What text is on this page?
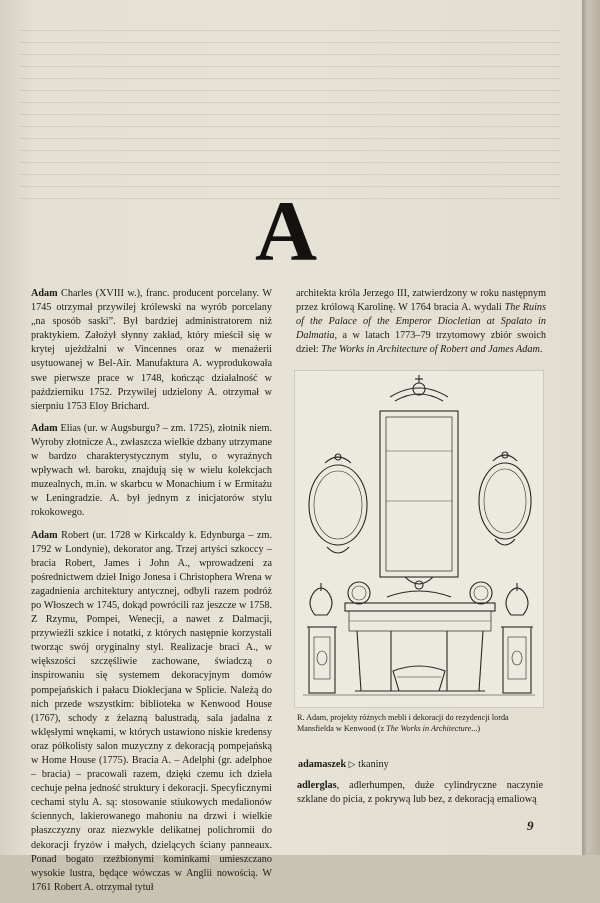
A

Adam Charles (XVIII w.), franc. producent porcelany. W 1745 otrzymał przywilej królewski na wyrób porcelany „na sposób saski”. Był bardziej administratorem niż praktykiem. Założył słynny zakład, który mieścił się w krytej ujeżdżalni w Vincennes oraz w menażerii usytuowanej w Bel-Air. Manufaktura A. wyprodukowała swe pierwsze prace w 1748, kończąc działalność w październiku 1752. Przywilej udzielony A. otrzymał w sierpniu 1753 Eloy Brichard.

Adam Elias (ur. w Augsburgu? – zm. 1725), złotnik niem. Wyroby złotnicze A., zwłaszcza wielkie dzbany utrzymane w bardzo charakterystycznym stylu, o wyraźnych wpływach wł. baroku, znajdują się w wielu kolekcjach muzealnych, m.in. w skarbcu w Monachium i w Ermitażu w Leningradzie. A. był jednym z inicjatorów stylu rokokowego.

Adam Robert (ur. 1728 w Kirkcaldy k. Edynburga – zm. 1792 w Londynie), dekorator ang. Trzej artyści szkoccy – bracia Robert, James i John A., wprowadzeni za pośrednictwem dzieł Inigo Jonesa i Christophera Wrena w zagadnienia architektury antycznej, odbyli razem podróż po Włoszech w 1745, dokąd powrócili raz jeszcze w 1758. Z Rzymu, Pompei, Wenecji, a nawet z Dalmacji, przywieźli szkice i notatki, z których następnie korzystali tworząc swój oryginalny styl. Realizacje braci A., w większości szczęśliwie zachowane, świadczą o inspirowaniu się systemem dekoracyjnym domów pompejańskich i pałacu Dioklecjana w Splicie. Należą do nich przede wszystkim: biblioteka w Kenwood House (1767), schody z żelazną balustradą, sala jadalna z wklęsłymi wnękami, w których ustawiono niskie kredensy oraz półkolisty salon muzyczny z dekoracją pompejańską w Home House (1775). Bracia A. – Adelphi (gr. adelphoe – bracia) – pracowali razem, dzięki czemu ich dzieła cechuje pełna jedność struktury i dekoracji. Specyficznymi cechami stylu A. są: stosowanie stiukowych medalionów ściennych, lakierowanego mahoniu na drzwi i wielkie płaszczyzny oraz niezwykle delikatnej polichromii do dekoracji fryzów i małych, dzielących ściany panneaux. Ponad bogato rzeźbionymi kominkami umieszczano wysokie lustra, będące wówczas w Anglii nowością. W 1761 Robert A. otrzymał tytuł

architekta króla Jerzego III, zatwierdzony w roku następnym przez królową Karolinę. W 1764 bracia A. wydali The Ruins of the Palace of the Emperor Diocletian at Spalato in Dalmatia, a w latach 1773–79 trzytomowy zbiór swoich dzieł: The Works in Architecture of Robert and James Adam.

R. Adam, projekty różnych mebli i dekoracji do rezydencji lorda Mansfielda w Kenwood (z The Works in Architecture...)
adamaszek ▷ tkaniny
adlerglas, adlerhumpen, duże cylindryczne naczynie szklane do picia, z pokrywą lub bez, z dekoracją emaliową
9
